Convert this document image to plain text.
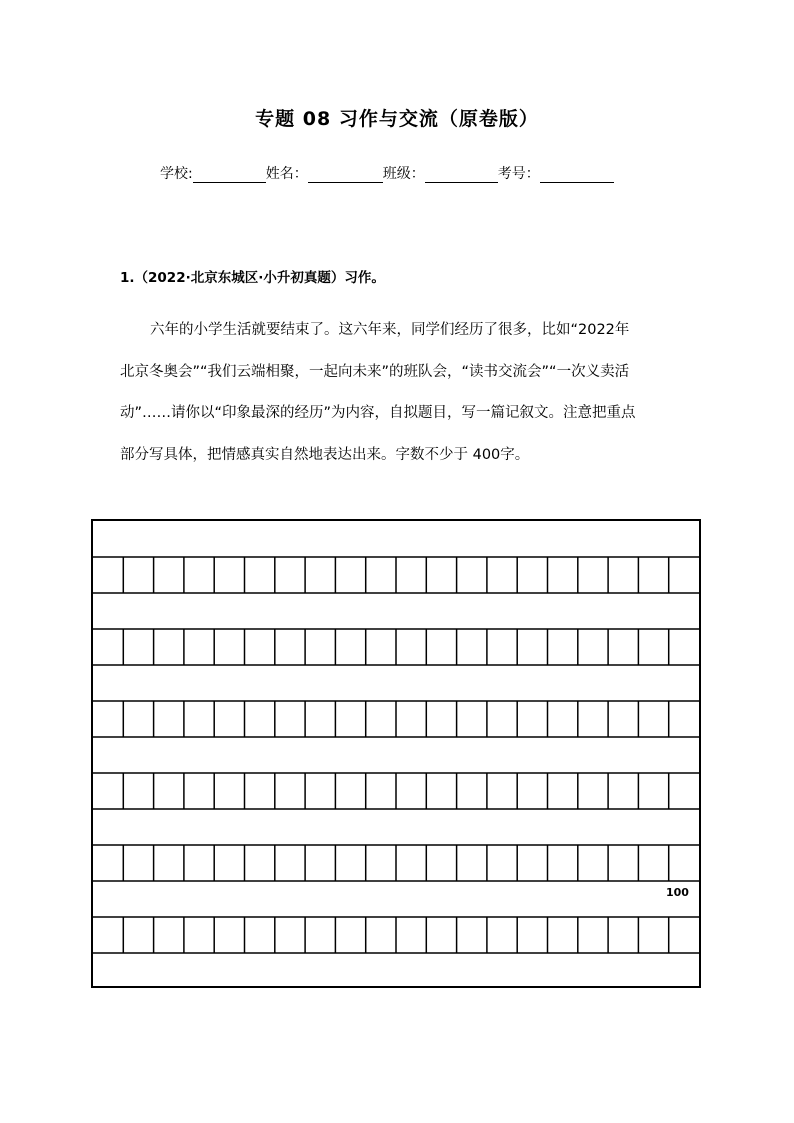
专题 08 习作与交流（原卷版）
学校:	姓名：	班级：	考号：
1.（2022·北京东城区·小升初真题）习作。
六年的小学生活就要结束了。这六年来，同学们经历了很多，比如“2022年
北京冬奥会”“我们云端相聚，一起向未来”的班队会，“读书交流会”“一次义卖活
动”……请你以“印象最深的经历”为内容，自拟题目，写一篇记叙文。注意把重点
部分写具体，把情感真实自然地表达出来。字数不少于 400字。
100
